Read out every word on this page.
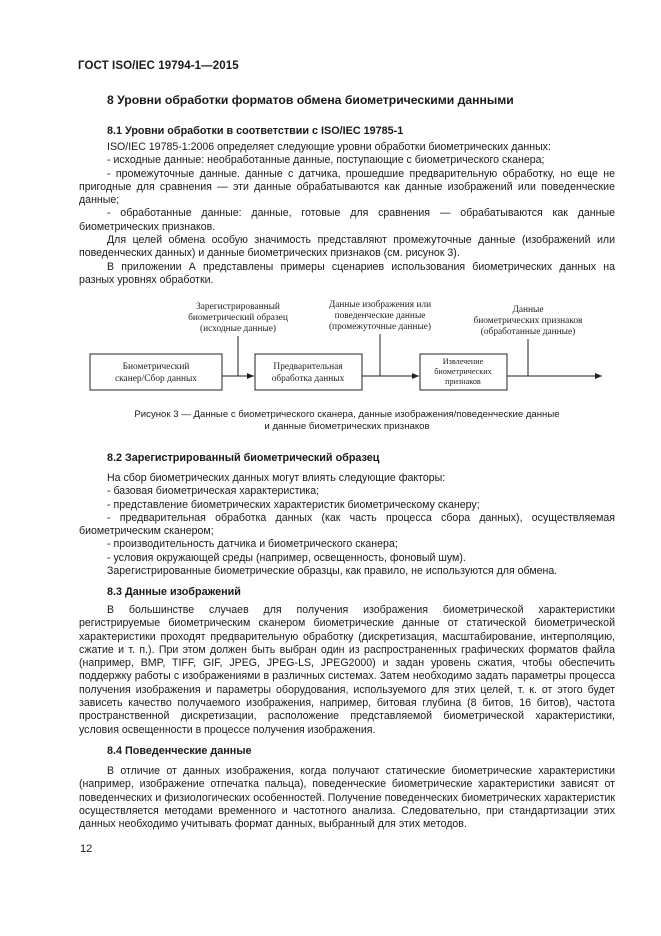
ГОСТ ISO/IEC 19794-1—2015
8 Уровни обработки форматов обмена биометрическими данными
8.1 Уровни обработки в соответствии с ISO/IEC 19785-1

ISO/IEC 19785-1:2006 определяет следующие уровни обработки биометрических данных:

- исходные данные: необработанные данные, поступающие с биометрического сканера;

- промежуточные данные. данные с датчика, прошедшие предварительную обработку, но еще не пригодные для сравнения — эти данные обрабатываются как данные изображений или поведенческие данные;

- обработанные данные: данные, готовые для сравнения — обрабатываются как данные биометрических признаков.

Для целей обмена особую значимость представляют промежуточные данные (изображений или поведенческих данных) и данные биометрических признаков (см. рисунок 3).

В приложении А представлены примеры сценариев использования биометрических данных на разных уровнях обработки.

Зарегистрированный
биометрический образец
(исходные данные)
Данные изображения или
поведенческие данные
(промежуточные данные)
Данные
биометрических признаков
(обработанные данные)
Биометрический
сканер/Сбор данных
Предварительная
обработка данных
Извлечение
биометрических
признаков
Рисунок 3 — Данные с биометрического сканера, данные изображения/поведенческие данные
и данные биометрических признаков
8.2 Зарегистрированный биометрический образец

На сбор биометрических данных могут влиять следующие факторы:

- базовая биометрическая характеристика;

- представление биометрических характеристик биометрическому сканеру;

- предварительная обработка данных (как часть процесса сбора данных), осуществляемая биометрическим сканером;

- производительность датчика и биометрического сканера;

- условия окружающей среды (например, освещенность, фоновый шум).

Зарегистрированные биометрические образцы, как правило, не используются для обмена.

8.3 Данные изображений

В большинстве случаев для получения изображения биометрической характеристики регистрируемые биометрическим сканером биометрические данные от статической биометрической характеристики проходят предварительную обработку (дискретизация, масштабирование, интерполяцию, сжатие и т. п.). При этом должен быть выбран один из распространенных графических форматов файла (например, BMP, TIFF, GIF, JPEG, JPEG-LS, JPEG2000) и задан уровень сжатия, чтобы обеспечить поддержку работы с изображениями в различных системах. Затем необходимо задать параметры процесса получения изображения и параметры оборудования, используемого для этих целей, т. к. от этого будет зависеть качество получаемого изображения, например, битовая глубина (8 битов, 16 битов), частота пространственной дискретизации, расположение представляемой биометрической характеристики, условия освещенности в процессе получения изображения.

8.4 Поведенческие данные

В отличие от данных изображения, когда получают статические биометрические характеристики (например, изображение отпечатка пальца), поведенческие биометрические характеристики зависят от поведенческих и физиологических особенностей. Получение поведенческих биометрических характеристик осуществляется методами временного и частотного анализа. Следовательно, при стандартизации этих данных необходимо учитывать формат данных, выбранный для этих методов.

12
